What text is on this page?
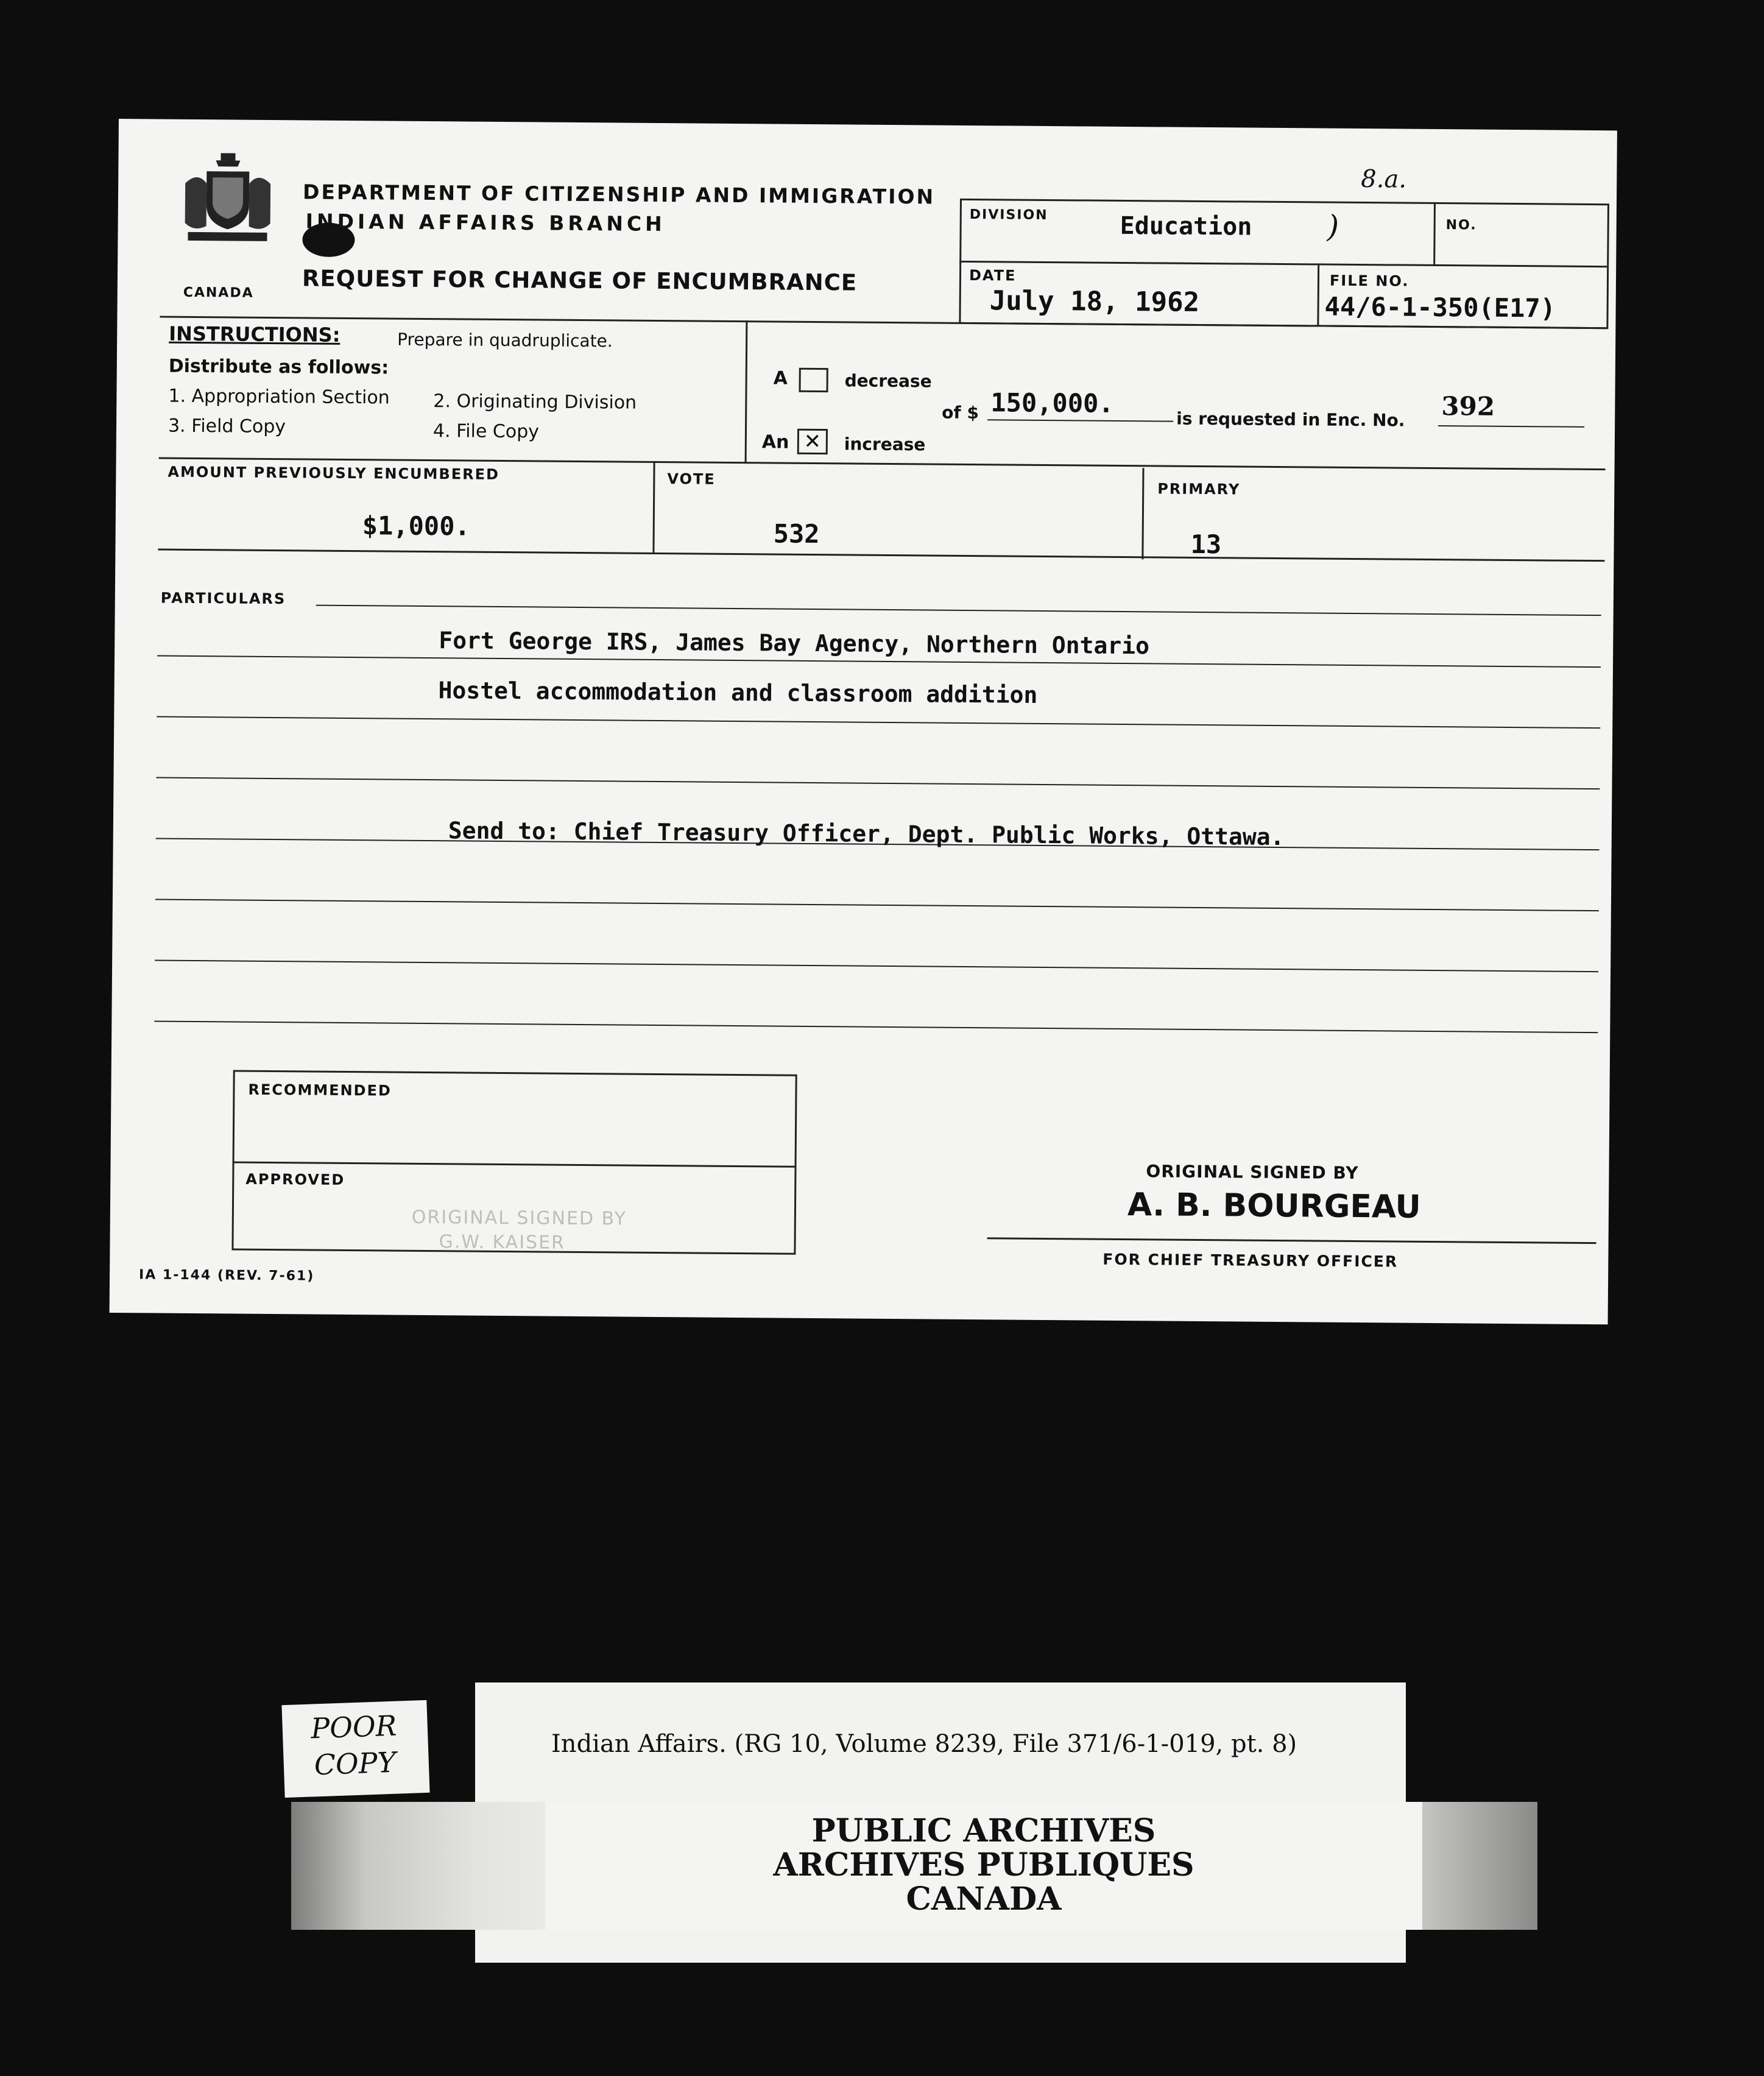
CANADA
DEPARTMENT OF CITIZENSHIP AND IMMIGRATION
INDIAN AFFAIRS BRANCH
REQUEST FOR CHANGE OF ENCUMBRANCE
8.a.
DIVISION	Education )	NO.
DATE
July 18, 1962
FILE NO.
44/6-1-350(E17)
INSTRUCTIONS:	Prepare in quadruplicate.
Distribute as follows:
1. Appropriation Section 2. Originating Division
3. Field Copy	4. File Copy
A	decrease
An ✕	increase
of $ 150,000.
is requested in Enc. No. 392
AMOUNT PREVIOUSLY ENCUMBERED
$1,000.
VOTE
532
PRIMARY
13
PARTICULARS
Fort George IRS, James Bay Agency, Northern Ontario
Hostel accommodation and classroom addition
Send to: Chief Treasury Officer, Dept. Public Works, Ottawa.
RECOMMENDED
APPROVED
ORIGINAL SIGNED BY
G.W. KAISER
ORIGINAL SIGNED BY
A. B. BOURGEAU
FOR CHIEF TREASURY OFFICER
IA 1-144 (REV. 7-61)
POOR COPY
Indian Affairs. (RG 10, Volume 8239, File 371/6-1-019, pt. 8)
PUBLIC ARCHIVES
ARCHIVES PUBLIQUES
CANADA
